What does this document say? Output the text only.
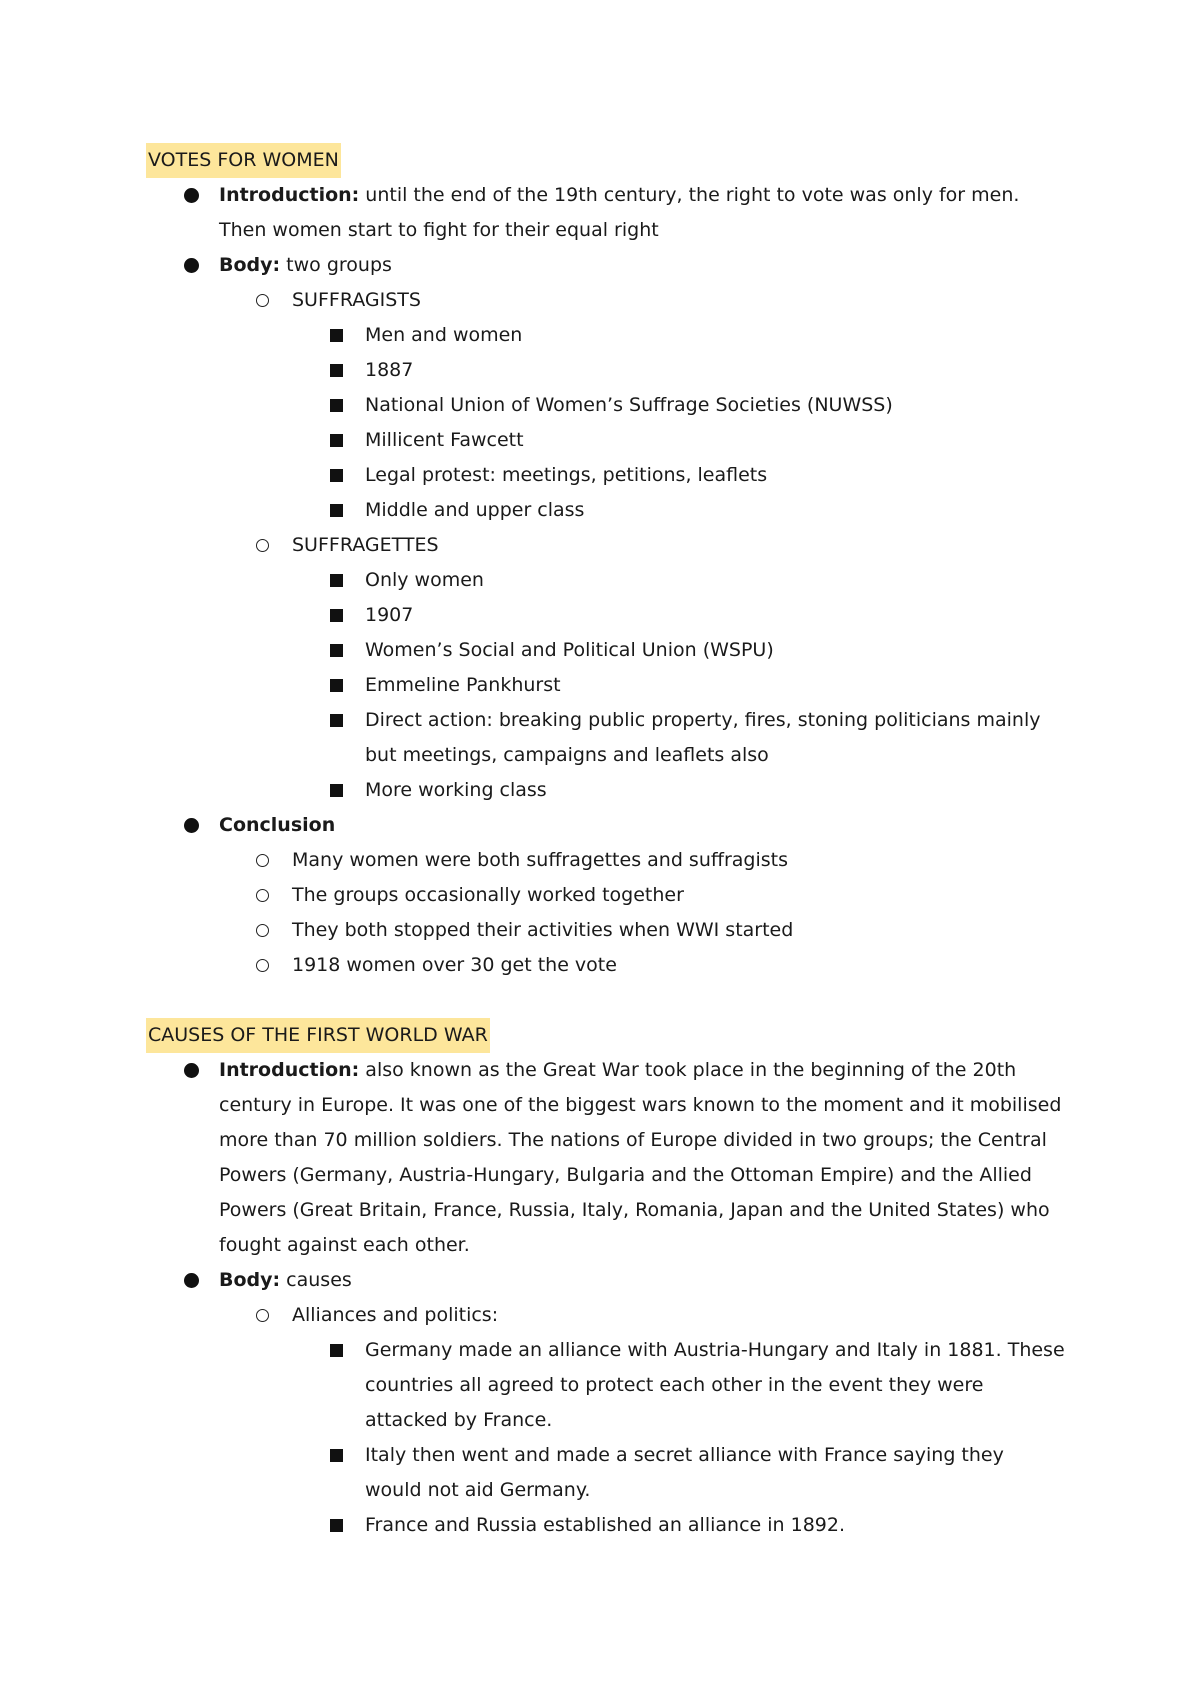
VOTES FOR WOMEN
Introduction: until the end of the 19th century, the right to vote was only for men. Then women start to fight for their equal right
Body: two groups
SUFFRAGISTS
Men and women
1887
National Union of Women’s Suffrage Societies (NUWSS)
Millicent Fawcett
Legal protest: meetings, petitions, leaflets
Middle and upper class
SUFFRAGETTES
Only women
1907
Women’s Social and Political Union (WSPU)
Emmeline Pankhurst
Direct action: breaking public property, fires, stoning politicians mainly but meetings, campaigns and leaflets also
More working class
Conclusion
Many women were both suffragettes and suffragists
The groups occasionally worked together
They both stopped their activities when WWI started
1918 women over 30 get the vote
CAUSES OF THE FIRST WORLD WAR
Introduction: also known as the Great War took place in the beginning of the 20th century in Europe. It was one of the biggest wars known to the moment and it mobilised more than 70 million soldiers. The nations of Europe divided in two groups; the Central Powers (Germany, Austria-Hungary, Bulgaria and the Ottoman Empire) and the Allied Powers (Great Britain, France, Russia, Italy, Romania, Japan and the United States) who fought against each other.
Body: causes
Alliances and politics:
Germany made an alliance with Austria-Hungary and Italy in 1881. These countries all agreed to protect each other in the event they were attacked by France.
Italy then went and made a secret alliance with France saying they would not aid Germany.
France and Russia established an alliance in 1892.
